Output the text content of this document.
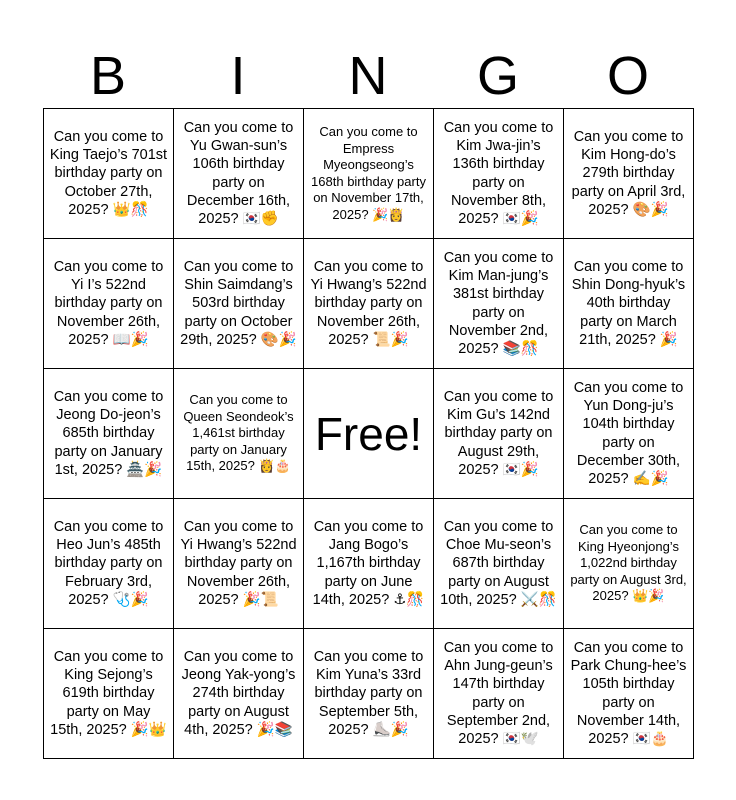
B	I	N	G	O
Can you come to King Taejo’s 701st birthday party on October 27th, 2025? 👑🎊	Can you come to Yu Gwan-sun’s 106th birthday party on December 16th, 2025? 🇰🇷✊	Can you come to Empress Myeongseong’s 168th birthday party on November 17th, 2025? 🎉👸	Can you come to Kim Jwa-jin’s 136th birthday party on November 8th, 2025? 🇰🇷🎉	Can you come to Kim Hong-do’s 279th birthday party on April 3rd, 2025? 🎨🎉
Can you come to Yi I’s 522nd birthday party on November 26th, 2025? 📖🎉	Can you come to Shin Saimdang’s 503rd birthday party on October 29th, 2025? 🎨🎉	Can you come to Yi Hwang’s 522nd birthday party on November 26th, 2025? 📜🎉	Can you come to Kim Man-jung’s 381st birthday party on November 2nd, 2025? 📚🎊	Can you come to Shin Dong-hyuk’s 40th birthday party on March 21th, 2025? 🎉
Can you come to Jeong Do-jeon’s 685th birthday party on January 1st, 2025? 🏯🎉	Can you come to Queen Seondeok’s 1,461st birthday party on January 15th, 2025? 👸🎂	Free!	Can you come to Kim Gu’s 142nd birthday party on August 29th, 2025? 🇰🇷🎉	Can you come to Yun Dong-ju’s 104th birthday party on December 30th, 2025? ✍️🎉
Can you come to Heo Jun’s 485th birthday party on February 3rd, 2025? 🩺🎉	Can you come to Yi Hwang’s 522nd birthday party on November 26th, 2025? 🎉📜	Can you come to Jang Bogo’s 1,167th birthday party on June 14th, 2025? ⚓🎊	Can you come to Choe Mu-seon’s 687th birthday party on August 10th, 2025? ⚔️🎊	Can you come to King Hyeonjong’s 1,022nd birthday party on August 3rd, 2025? 👑🎉
Can you come to King Sejong’s 619th birthday party on May 15th, 2025? 🎉👑	Can you come to Jeong Yak-yong’s 274th birthday party on August 4th, 2025? 🎉📚	Can you come to Kim Yuna’s 33rd birthday party on September 5th, 2025? ⛸️🎉	Can you come to Ahn Jung-geun’s 147th birthday party on September 2nd, 2025? 🇰🇷🕊️	Can you come to Park Chung-hee’s 105th birthday party on November 14th, 2025? 🇰🇷🎂
